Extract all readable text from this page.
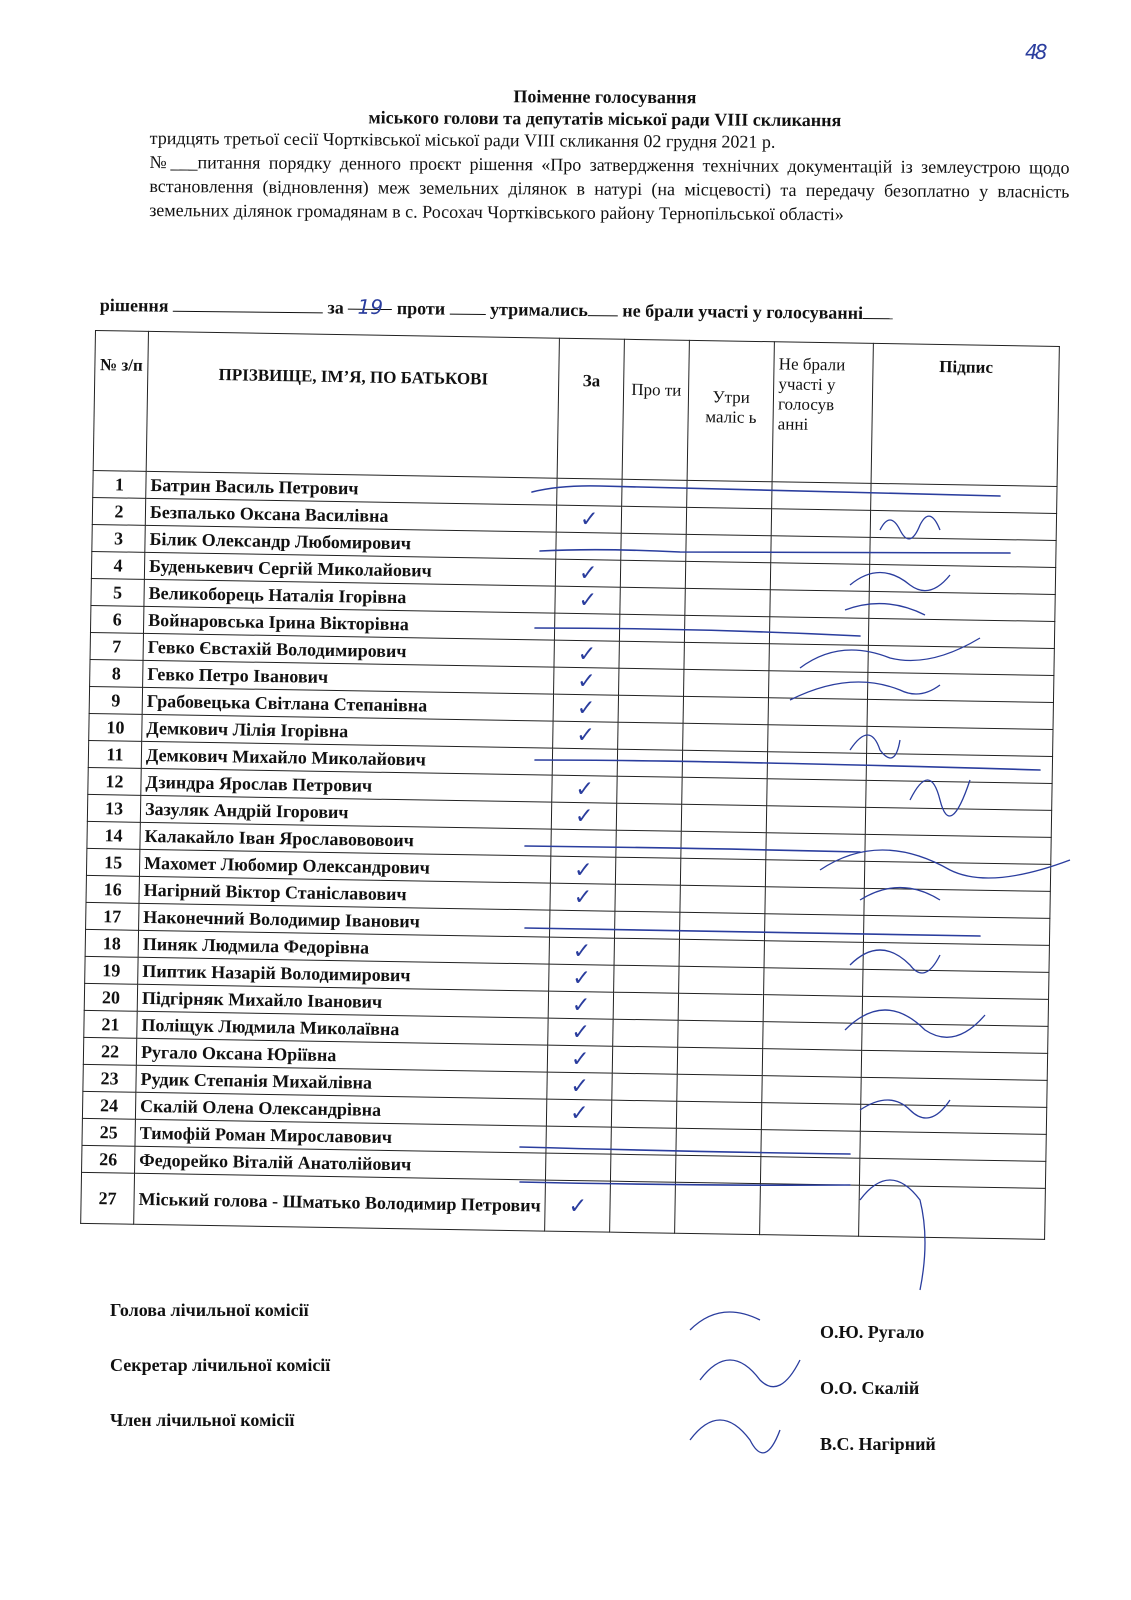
48
Поіменне голосування
міського голови та депутатів міської ради VIII скликання
тридцять третьої сесії Чортківської міської ради VIII скликання 02 грудня 2021 р.
№___питання порядку денного проєкт рішення «Про затвердження технічних документацій із землеустрою щодо встановлення (відновлення) меж земельних ділянок в натурі (на місцевості) та передачу безоплатно у власність земельних ділянок громадянам в с. Росохач Чортківського району Тернопільської області»
рішення	за 19 проти утримались не брали участі у голосуванні
№ з/п	ПРІЗВИЩЕ, ІМ’Я, ПО БАТЬКОВІ	За	Про ти	Утри маліс ь	Не брали участі у голосув анні	Підпис
1	Батрин Василь Петрович					
2	Безпалько Оксана Василівна	✓				
3	Білик Олександр Любомирович					
4	Буденькевич Сергій Миколайович	✓				
5	Великоборець Наталія Ігорівна	✓				
6	Войнаровська Ірина Вікторівна					
7	Гевко Євстахій Володимирович	✓				
8	Гевко Петро Іванович	✓				
9	Грабовецька Світлана Степанівна	✓				
10	Демкович Лілія Ігорівна	✓				
11	Демкович Михайло Миколайович					
12	Дзиндра Ярослав Петрович	✓				
13	Зазуляк Андрій Ігорович	✓				
14	Калакайло Іван Ярославововоич					
15	Махомет Любомир Олександрович	✓				
16	Нагірний Віктор Станіславович	✓				
17	Наконечний Володимир Іванович					
18	Пиняк Людмила Федорівна	✓				
19	Пиптик Назарій Володимирович	✓				
20	Підгірняк Михайло Іванович	✓				
21	Поліщук Людмила Миколаївна	✓				
22	Ругало Оксана Юріївна	✓				
23	Рудик Степанія Михайлівна	✓				
24	Скалій Олена Олександрівна	✓				
25	Тимофій Роман Мирославович					
26	Федорейко Віталій Анатолійович					
27	Міський голова - Шматько Володимир Петрович	✓				
Голова лічильної комісії
Секретар лічильної комісії
Член лічильної комісії
О.Ю. Ругало
О.О. Скалій
В.С. Нагірний
